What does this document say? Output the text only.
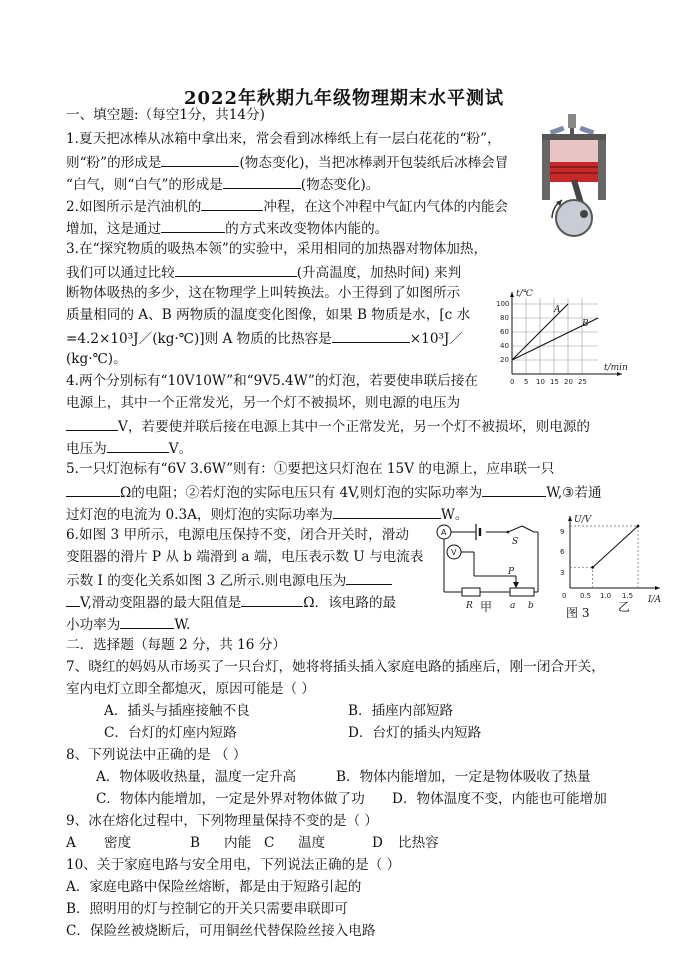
2022年秋期九年级物理期末水平测试
一、填空题:（每空1分，共14分)
1.夏天把冰棒从冰箱中拿出来，常会看到冰棒纸上有一层白花花的“粉”，
则“粉”的形成是	(物态变化)，当把冰棒剥开包装纸后冰棒会冒
“白气，则“白气”的形成是	(物态变化)。
2.如图所示是汽油机的	冲程，在这个冲程中气缸内气体的内能会
增加，这是通过	的方式来改变物体内能的。
3.在“探究物质的吸热本领”的实验中，采用相同的加热器对物体加热，
我们可以通过比较	(升高温度，加热时间) 来判
断物体吸热的多少，这在物理学上叫转换法。小王得到了如图所示
质量相同的 A、B 两物质的温度变化图像，如果 B 物质是水，[c 水
=4.2×10³J／(kg·℃)]则 A 物质的比热容是	×10³J／
(kg·℃)。
4.两个分别标有“10V10W”和“9V5.4W”的灯泡，若要使串联后接在
电源上，其中一个正常发光，另一个灯不被损坏，则电源的电压为
V，若要使并联后接在电源上其中一个正常发光，另一个灯不被损坏，则电源的
电压为	V。
5.一只灯泡标有“6V 3.6W”则有：①要把这只灯泡在 15V 的电源上，应串联一只
Ω的电阻；②若灯泡的实际电压只有 4V,则灯泡的实际功率为	W,③若通
过灯泡的电流为 0.3A，则灯泡的实际功率为	W。
6.如图 3 甲所示，电源电压保持不变，闭合开关时，滑动
变阻器的滑片 P 从 b 端滑到 a 端，电压表示数 U 与电流表
示数 I 的变化关系如图 3 乙所示.则电源电压为
V,滑动变阻器的最大阻值是	Ω．该电路的最
小功率为	W.
二．选择题（每题 2 分，共 16 分）
7、晓红的妈妈从市场买了一只台灯，她将将插头插入家庭电路的插座后，刚一闭合开关，
室内电灯立即全都熄灭，原因可能是（ ）
A．插头与插座接触不良	B．插座内部短路
C．台灯的灯座内短路	D．台灯的插头内短路
8、下列说法中正确的是 （ ）
A．物体吸收热量，温度一定升高	B．物体内能增加，一定是物体吸收了热量
C．物体内能增加，一定是外界对物体做了功 D．物体温度不变，内能也可能增加
9、冰在熔化过程中，下列物理量保持不变的是（ ）
A 密度	B 内能 C 温度	D 比热容
10、关于家庭电路与安全用电，下列说法正确的是（ ）
A．家庭电路中保险丝熔断，都是由于短路引起的
B．照明用的灯与控制它的开关只需要串联即可
C．保险丝被烧断后，可用铜丝代替保险丝接入电路
A
B
t/℃
t/min
100
80
60
40
20
0 5 10 15 20 25
A
V
S
P
R	a b
甲	图 3 乙
U/V
I/A
9
6
3
0 0.5 1.0 1.5
